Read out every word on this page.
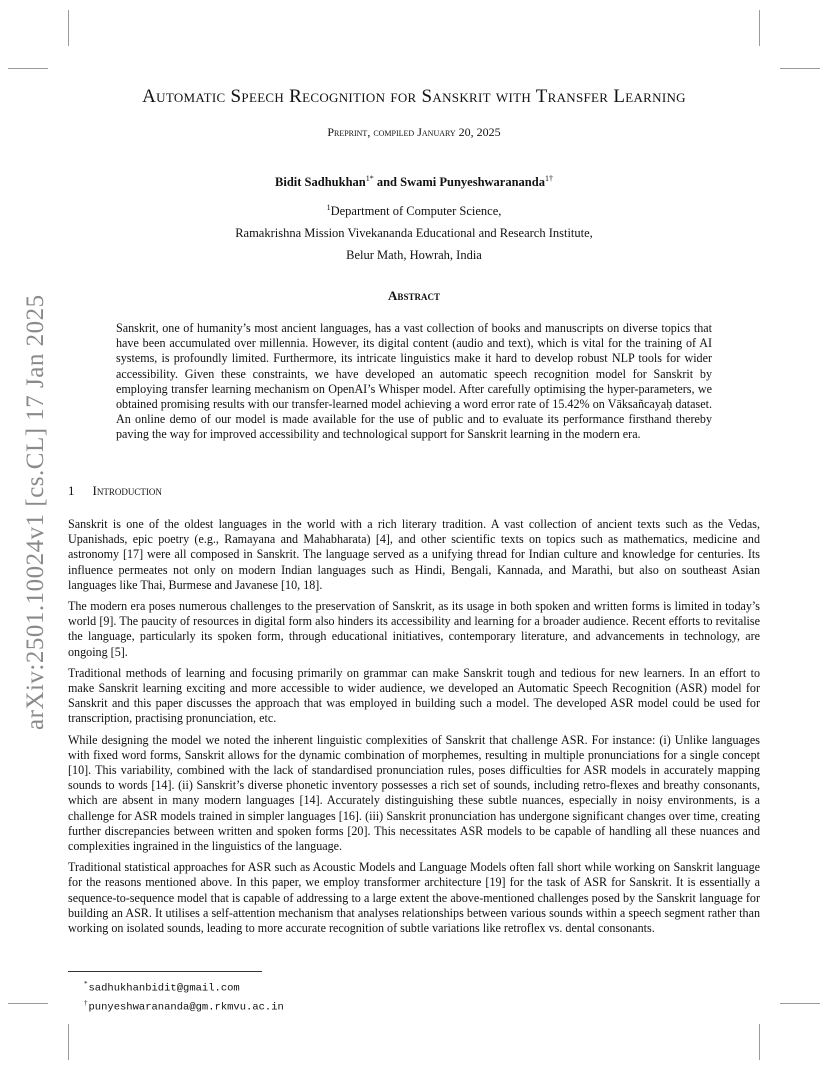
arXiv:2501.10024v1 [cs.CL] 17 Jan 2025
Automatic Speech Recognition for Sanskrit with Transfer Learning
Preprint, compiled January 20, 2025
Bidit Sadhukhan$^{1*}$ and Swami Punyeshwarananda$^{1\dagger}$
$^1$Department of Computer Science,
Ramakrishna Mission Vivekananda Educational and Research Institute,
Belur Math, Howrah, India
Abstract
Sanskrit, one of humanity’s most ancient languages, has a vast collection of books and manuscripts on diverse topics that have been accumulated over millennia. However, its digital content (audio and text), which is vital for the training of AI systems, is profoundly limited. Furthermore, its intricate linguistics make it hard to develop robust NLP tools for wider accessibility. Given these constraints, we have developed an automatic speech recognition model for Sanskrit by employing transfer learning mechanism on OpenAI’s Whisper model. After carefully optimising the hyper-parameters, we obtained promising results with our transfer-learned model achieving a word error rate of 15.42% on Vāksañcayaḥ dataset. An online demo of our model is made available for the use of public and to evaluate its performance firsthand thereby paving the way for improved accessibility and technological support for Sanskrit learning in the modern era.
1 Introduction

Sanskrit is one of the oldest languages in the world with a rich literary tradition. A vast collection of ancient texts such as the Vedas, Upanishads, epic poetry (e.g., Ramayana and Mahabharata) [4], and other scientific texts on topics such as mathematics, medicine and astronomy [17] were all composed in Sanskrit. The language served as a unifying thread for Indian culture and knowledge for centuries. Its influence permeates not only on modern Indian languages such as Hindi, Bengali, Kannada, and Marathi, but also on southeast Asian languages like Thai, Burmese and Javanese [10, 18].

The modern era poses numerous challenges to the preservation of Sanskrit, as its usage in both spoken and written forms is limited in today’s world [9]. The paucity of resources in digital form also hinders its accessibility and learning for a broader audience. Recent efforts to revitalise the language, particularly its spoken form, through educational initiatives, contemporary literature, and advancements in technology, are ongoing [5].

Traditional methods of learning and focusing primarily on grammar can make Sanskrit tough and tedious for new learners. In an effort to make Sanskrit learning exciting and more accessible to wider audience, we developed an Automatic Speech Recognition (ASR) model for Sanskrit and this paper discusses the approach that was employed in building such a model. The developed ASR model could be used for transcription, practising pronunciation, etc.

While designing the model we noted the inherent linguistic complexities of Sanskrit that challenge ASR. For instance: (i) Unlike languages with fixed word forms, Sanskrit allows for the dynamic combination of morphemes, resulting in multiple pronunciations for a single concept [10]. This variability, combined with the lack of standardised pronunciation rules, poses difficulties for ASR models in accurately mapping sounds to words [14]. (ii) Sanskrit’s diverse phonetic inventory possesses a rich set of sounds, including retro-flexes and breathy consonants, which are absent in many modern languages [14]. Accurately distinguishing these subtle nuances, especially in noisy environments, is a challenge for ASR models trained in simpler languages [16]. (iii) Sanskrit pronunciation has undergone significant changes over time, creating further discrepancies between written and spoken forms [20]. This necessitates ASR models to be capable of handling all these nuances and complexities ingrained in the linguistics of the language.

Traditional statistical approaches for ASR such as Acoustic Models and Language Models often fall short while working on Sanskrit language for the reasons mentioned above. In this paper, we employ transformer architecture [19] for the task of ASR for Sanskrit. It is essentially a sequence-to-sequence model that is capable of addressing to a large extent the above-mentioned challenges posed by the Sanskrit language for building an ASR. It utilises a self-attention mechanism that analyses relationships between various sounds within a speech segment rather than working on isolated sounds, leading to more accurate recognition of subtle variations like retroflex vs. dental consonants.

*sadhukhanbidit@gmail.com
†punyeshwarananda@gm.rkmvu.ac.in
